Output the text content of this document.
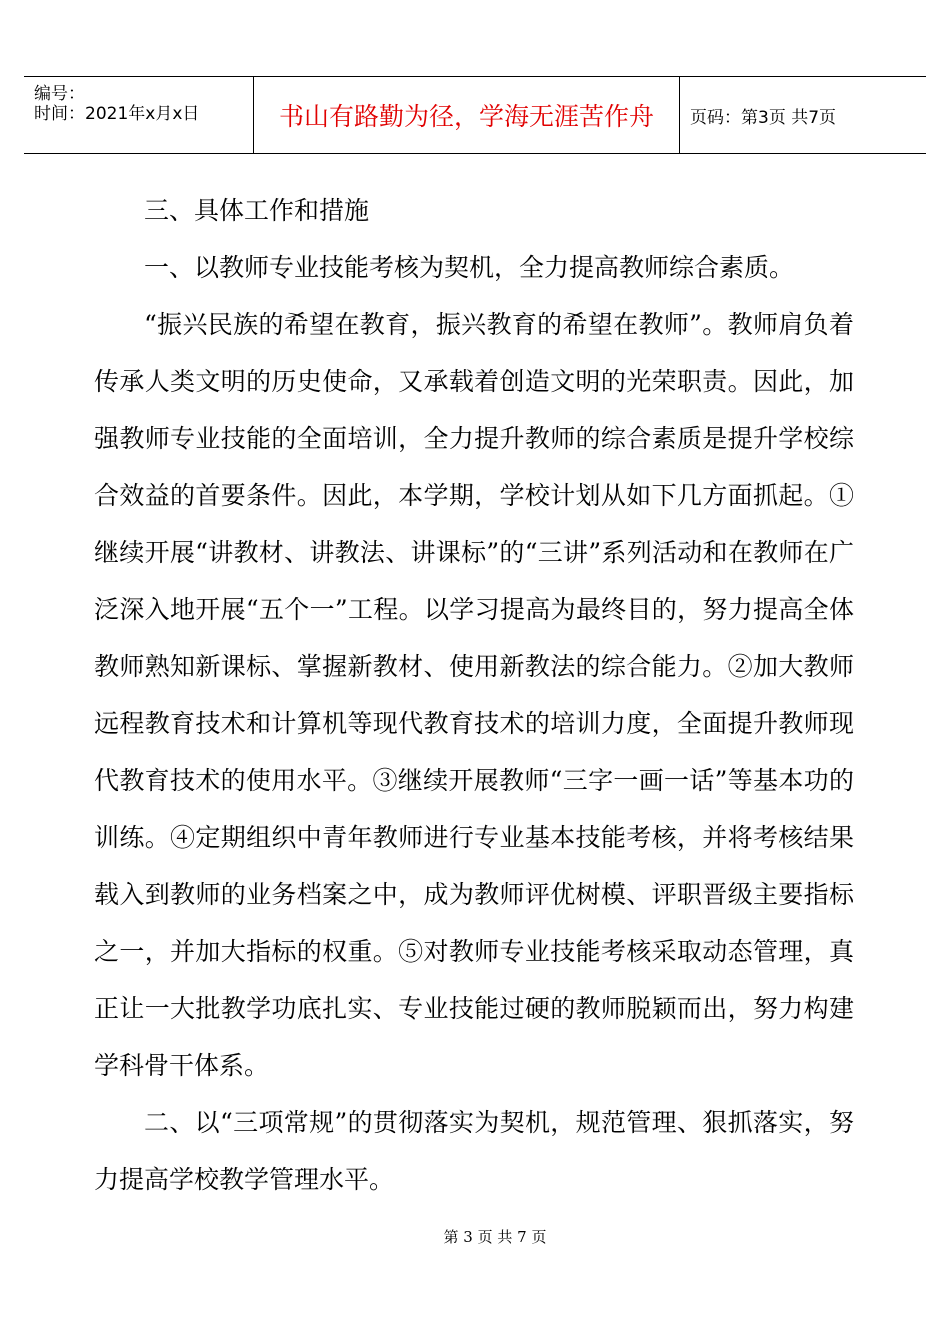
编号：
时间：2021年x月x日	书山有路勤为径，学海无涯苦作舟	页码：第3页 共7页

三、具体工作和措施

一、以教师专业技能考核为契机，全力提高教师综合素质。

“振兴民族的希望在教育，振兴教育的希望在教师”。教师肩负着传承人类文明的历史使命，又承载着创造文明的光荣职责。因此，加强教师专业技能的全面培训，全力提升教师的综合素质是提升学校综合效益的首要条件。因此，本学期，学校计划从如下几方面抓起。①继续开展“讲教材、讲教法、讲课标”的“三讲”系列活动和在教师在广泛深入地开展“五个一”工程。以学习提高为最终目的，努力提高全体教师熟知新课标、掌握新教材、使用新教法的综合能力。②加大教师远程教育技术和计算机等现代教育技术的培训力度，全面提升教师现代教育技术的使用水平。③继续开展教师“三字一画一话”等基本功的训练。④定期组织中青年教师进行专业基本技能考核，并将考核结果载入到教师的业务档案之中，成为教师评优树模、评职晋级主要指标之一，并加大指标的权重。⑤对教师专业技能考核采取动态管理，真正让一大批教学功底扎实、专业技能过硬的教师脱颖而出，努力构建学科骨干体系。

二、以“三项常规”的贯彻落实为契机，规范管理、狠抓落实，努力提高学校教学管理水平。

第 3 页 共 7 页
